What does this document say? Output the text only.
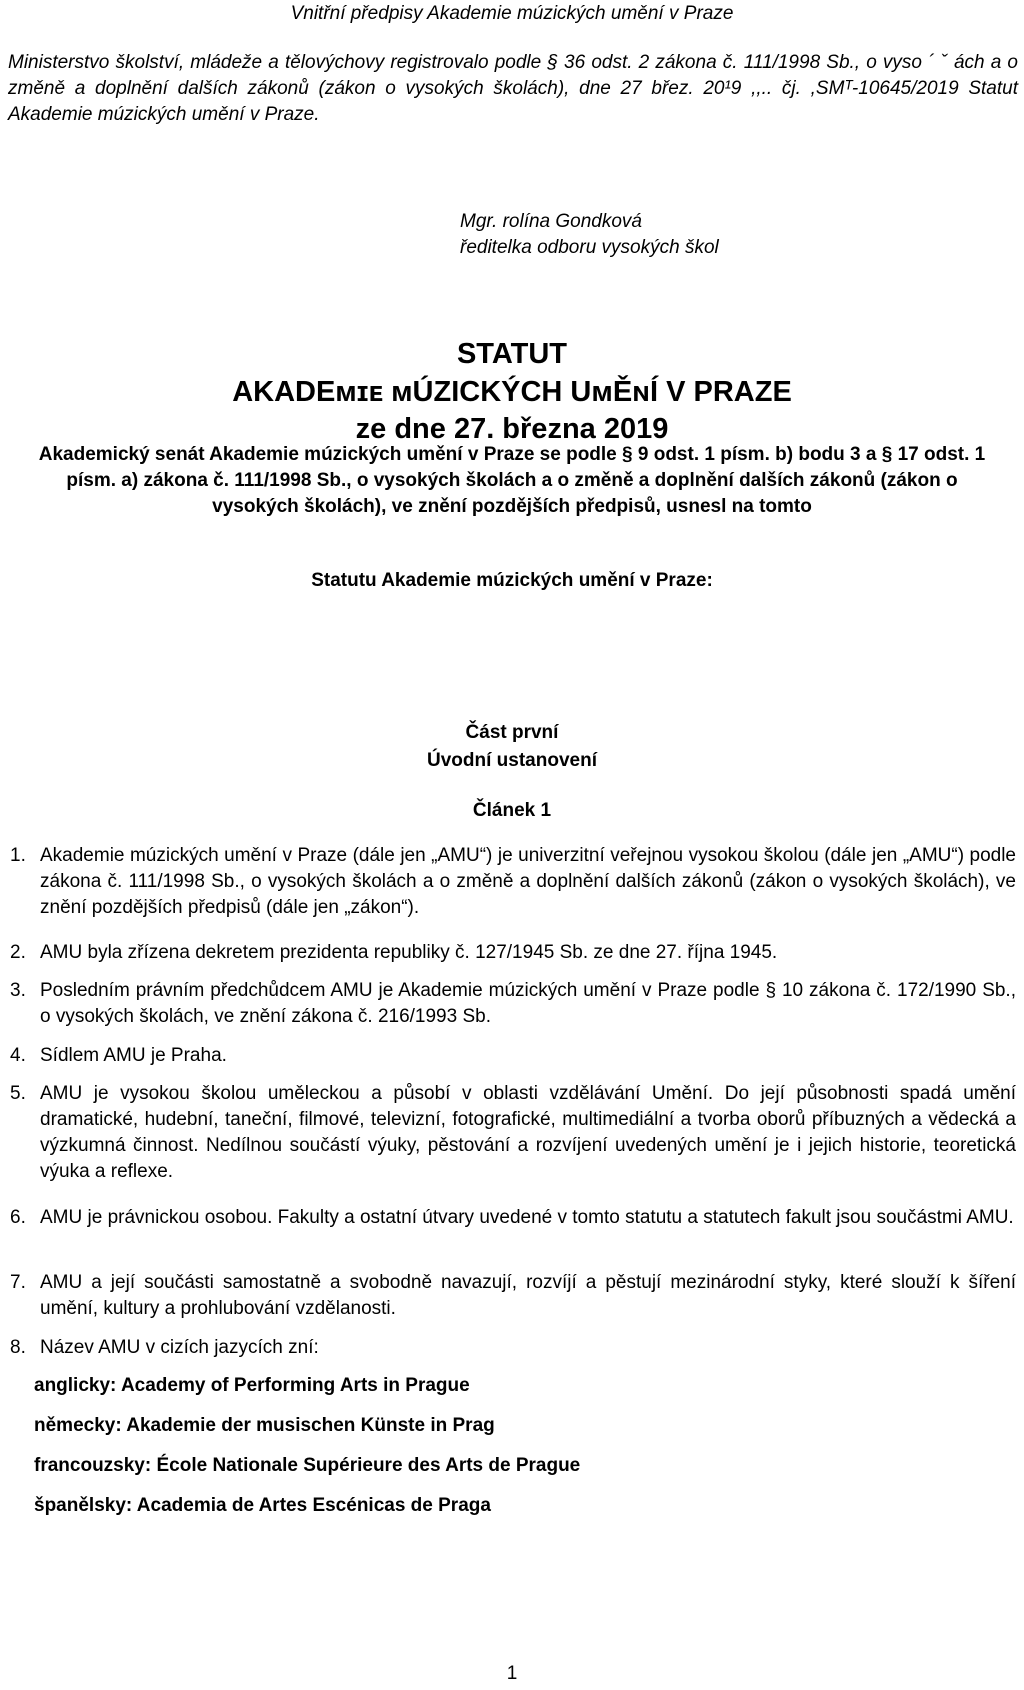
Vnitřní předpisy Akademie múzických umění v Praze
Ministerstvo školství, mládeže a tělovýchovy registrovalo podle § 36 odst. 2 zákona č. 111/1998 Sb., o vyso ´ ˇ ách a o změně a doplnění dalších zákonů (zákon o vysokých školách), dne 27 břez. 20¹9 ,,.. čj. ,SMᵀ-10645/2019 Statut Akademie múzických umění v Praze.
Mgr. rolína Gondková
ředitelka odboru vysokých škol
STATUT
AKADEᴍɪᴇ ᴍÚZICKÝCH UᴍĚɴÍ V PRAZE
ze dne 27. března 2019
Akademický senát Akademie múzických umění v Praze se podle § 9 odst. 1 písm. b) bodu 3 a § 17 odst. 1 písm. a) zákona č. 111/1998 Sb., o vysokých školách a o změně a doplnění dalších zákonů (zákon o vysokých školách), ve znění pozdějších předpisů, usnesl na tomto
Statutu Akademie múzických umění v Praze:
Část první
Úvodní ustanovení
Článek 1
1. Akademie múzických umění v Praze (dále jen „AMU“) je univerzitní veřejnou vysokou školou (dále jen „AMU“) podle zákona č. 111/1998 Sb., o vysokých školách a o změně a doplnění dalších zákonů (zákon o vysokých školách), ve znění pozdějších předpisů (dále jen „zákon“).
2. AMU byla zřízena dekretem prezidenta republiky č. 127/1945 Sb. ze dne 27. října 1945.
3. Posledním právním předchůdcem AMU je Akademie múzických umění v Praze podle § 10 zákona č. 172/1990 Sb., o vysokých školách, ve znění zákona č. 216/1993 Sb.
4. Sídlem AMU je Praha.
5. AMU je vysokou školou uměleckou a působí v oblasti vzdělávání Umění. Do její působnosti spadá umění dramatické, hudební, taneční, filmové, televizní, fotografické, multimediální a tvorba oborů příbuzných a vědecká a výzkumná činnost. Nedílnou součástí výuky, pěstování a rozvíjení uvedených umění je i jejich historie, teoretická výuka a reflexe.
6. AMU je právnickou osobou. Fakulty a ostatní útvary uvedené v tomto statutu a statutech fakult jsou součástmi AMU.
7. AMU a její součásti samostatně a svobodně navazují, rozvíjí a pěstují mezinárodní styky, které slouží k šíření umění, kultury a prohlubování vzdělanosti.
8. Název AMU v cizích jazycích zní:
anglicky: Academy of Performing Arts in Prague
německy: Akademie der musischen Künste in Prag
francouzsky: École Nationale Supérieure des Arts de Prague
španělsky: Academia de Artes Escénicas de Praga
1
